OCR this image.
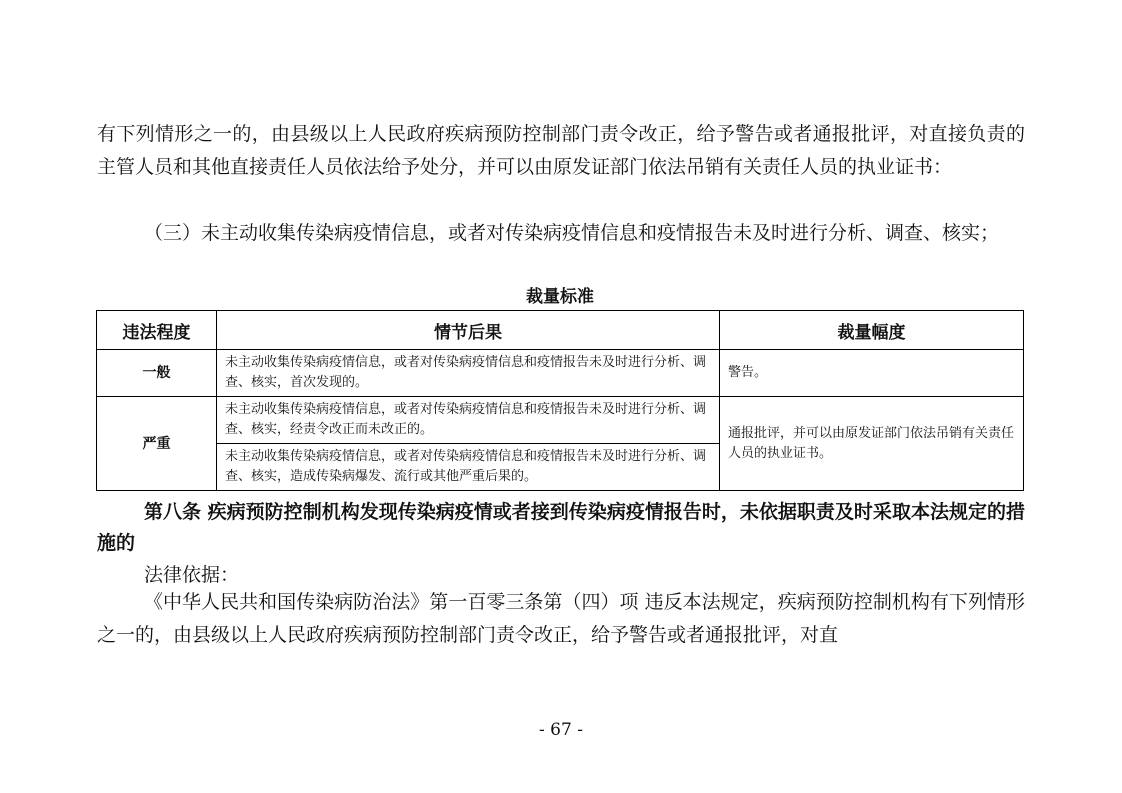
有下列情形之一的，由县级以上人民政府疾病预防控制部门责令改正，给予警告或者通报批评，对直接负责的主管人员和其他直接责任人员依法给予处分，并可以由原发证部门依法吊销有关责任人员的执业证书：

（三）未主动收集传染病疫情信息，或者对传染病疫情信息和疫情报告未及时进行分析、调查、核实；

裁量标准

违法程度	情节后果	裁量幅度
一般	未主动收集传染病疫情信息，或者对传染病疫情信息和疫情报告未及时进行分析、调查、核实，首次发现的。	警告。
严重	未主动收集传染病疫情信息，或者对传染病疫情信息和疫情报告未及时进行分析、调查、核实，经责令改正而未改正的。	通报批评，并可以由原发证部门依法吊销有关责任人员的执业证书。
	未主动收集传染病疫情信息，或者对传染病疫情信息和疫情报告未及时进行分析、调查、核实，造成传染病爆发、流行或其他严重后果的。	

第八条 疾病预防控制机构发现传染病疫情或者接到传染病疫情报告时，未依据职责及时采取本法规定的措施的

法律依据：

《中华人民共和国传染病防治法》第一百零三条第（四）项 违反本法规定，疾病预防控制机构有下列情形之一的，由县级以上人民政府疾病预防控制部门责令改正，给予警告或者通报批评，对直

- 67 -
